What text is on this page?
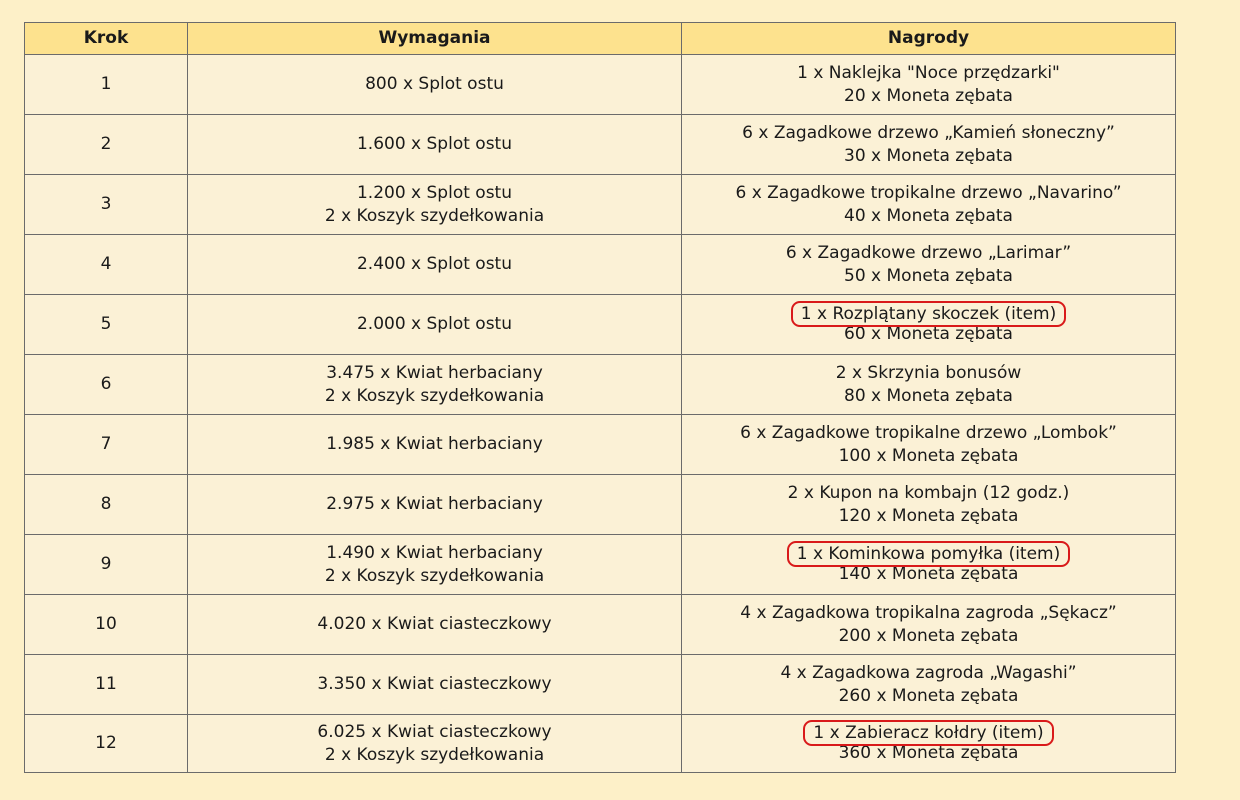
Krok	Wymagania	Nagrody
1	800 x Splot ostu	1 x Naklejka "Noce przędzarki"
20 x Moneta zębata

2	1.600 x Splot ostu	6 x Zagadkowe drzewo „Kamień słoneczny”
30 x Moneta zębata

3	1.200 x Splot ostu
2 x Koszyk szydełkowania	6 x Zagadkowe tropikalne drzewo „Navarino”
40 x Moneta zębata

4	2.400 x Splot ostu	6 x Zagadkowe drzewo „Larimar”
50 x Moneta zębata

5	2.000 x Splot ostu	1 x Rozplątany skoczek (item)
60 x Moneta zębata

6	3.475 x Kwiat herbaciany
2 x Koszyk szydełkowania	2 x Skrzynia bonusów
80 x Moneta zębata

7	1.985 x Kwiat herbaciany	6 x Zagadkowe tropikalne drzewo „Lombok”
100 x Moneta zębata

8	2.975 x Kwiat herbaciany	2 x Kupon na kombajn (12 godz.)
120 x Moneta zębata

9	1.490 x Kwiat herbaciany
2 x Koszyk szydełkowania	1 x Kominkowa pomyłka (item)
140 x Moneta zębata

10	4.020 x Kwiat ciasteczkowy	4 x Zagadkowa tropikalna zagroda „Sękacz”
200 x Moneta zębata

11	3.350 x Kwiat ciasteczkowy	4 x Zagadkowa zagroda „Wagashi”
260 x Moneta zębata

12	6.025 x Kwiat ciasteczkowy
2 x Koszyk szydełkowania	1 x Zabieracz kołdry (item)
360 x Moneta zębata
